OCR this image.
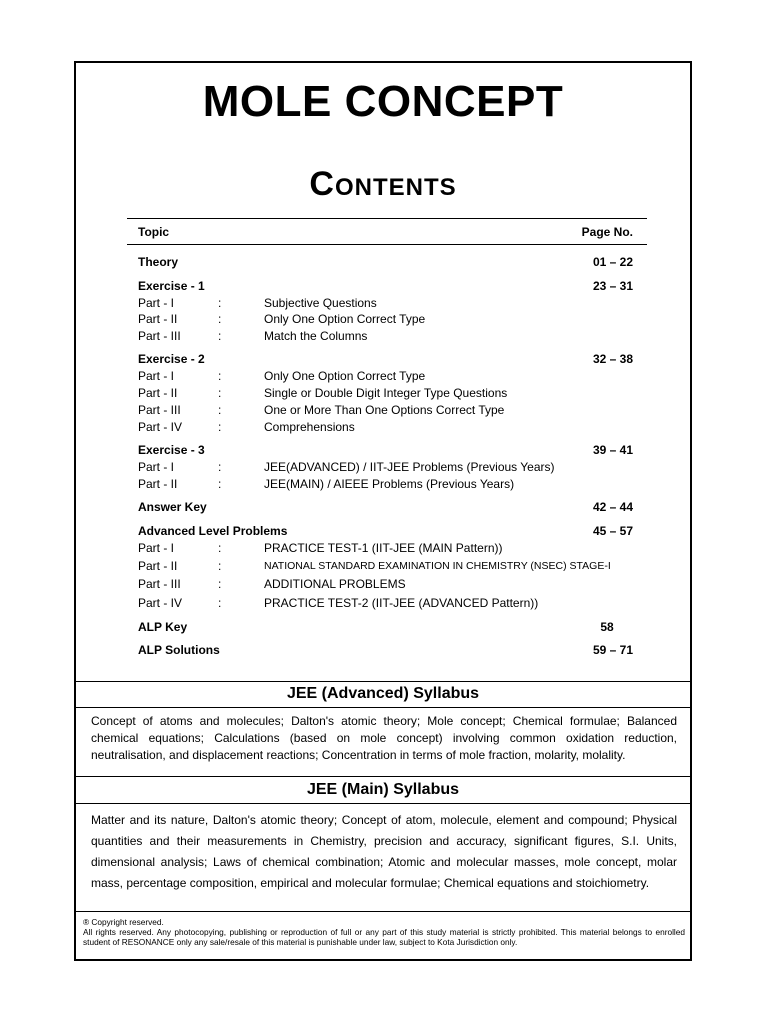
MOLE CONCEPT
CONTENTS
Topic	Page No.
Theory	01 – 22
Exercise - 1	23 – 31
Part - I	:	Subjective Questions
Part - II	:	Only One Option Correct Type
Part - III	:	Match the Columns
Exercise - 2	32 – 38
Part - I	:	Only One Option Correct Type
Part - II	:	Single or Double Digit Integer Type Questions
Part - III	:	One or More Than One Options Correct Type
Part - IV	:	Comprehensions
Exercise - 3	39 – 41
Part - I	:	JEE(ADVANCED) / IIT-JEE Problems (Previous Years)
Part - II	:	JEE(MAIN) / AIEEE Problems (Previous Years)
Answer Key	42 – 44
Advanced Level Problems	45 – 57
Part - I	:	PRACTICE TEST-1 (IIT-JEE (MAIN Pattern))
Part - II	:	NATIONAL STANDARD EXAMINATION IN CHEMISTRY (NSEC) STAGE-I
Part - III	:	ADDITIONAL PROBLEMS
Part - IV	:	PRACTICE TEST-2 (IIT-JEE (ADVANCED Pattern))
ALP Key	58
ALP Solutions	59 – 71
JEE (Advanced) Syllabus
Concept of atoms and molecules; Dalton's atomic theory; Mole concept; Chemical formulae; Balanced chemical equations; Calculations (based on mole concept) involving common oxidation reduction, neutralisation, and displacement reactions; Concentration in terms of mole fraction, molarity, molality.
JEE (Main) Syllabus
Matter and its nature, Dalton's atomic theory; Concept of atom, molecule, element and compound; Physical quantities and their measurements in Chemistry, precision and accuracy, significant figures, S.I. Units, dimensional analysis; Laws of chemical combination; Atomic and molecular masses, mole concept, molar mass, percentage composition, empirical and molecular formulae; Chemical equations and stoichiometry.
® Copyright reserved.
All rights reserved. Any photocopying, publishing or reproduction of full or any part of this study material is strictly prohibited. This material belongs to enrolled student of RESONANCE only any sale/resale of this material is punishable under law, subject to Kota Jurisdiction only.
